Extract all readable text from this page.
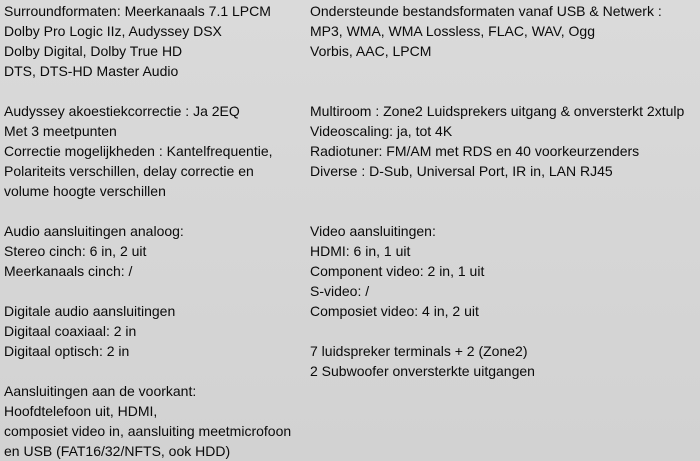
Surroundformaten: Meerkanaals 7.1 LPCM
Dolby Pro Logic IIz, Audyssey DSX
Dolby Digital, Dolby True HD
DTS, DTS-HD Master Audio
Audyssey akoestiekcorrectie : Ja 2EQ
Met 3 meetpunten
Correctie mogelijkheden : Kantelfrequentie,
Polariteits verschillen, delay correctie en
volume hoogte verschillen
Audio aansluitingen analoog:
Stereo cinch: 6 in, 2 uit
Meerkanaals cinch: /
Digitale audio aansluitingen
Digitaal coaxiaal: 2 in
Digitaal optisch: 2 in
Aansluitingen aan de voorkant:
Hoofdtelefoon uit, HDMI,
composiet video in, aansluiting meetmicrofoon
en USB (FAT16/32/NFTS, ook HDD)
Ondersteunde bestandsformaten vanaf USB & Netwerk :
MP3, WMA, WMA Lossless, FLAC, WAV, Ogg
Vorbis, AAC, LPCM
Multiroom : Zone2 Luidsprekers uitgang & onversterkt 2xtulp
Videoscaling: ja, tot 4K
Radiotuner: FM/AM met RDS en 40 voorkeurzenders
Diverse : D-Sub, Universal Port, IR in, LAN RJ45
Video aansluitingen:
HDMI: 6 in, 1 uit
Component video: 2 in, 1 uit
S-video: /
Composiet video: 4 in, 2 uit
7 luidspreker terminals + 2 (Zone2)
2 Subwoofer onversterkte uitgangen
